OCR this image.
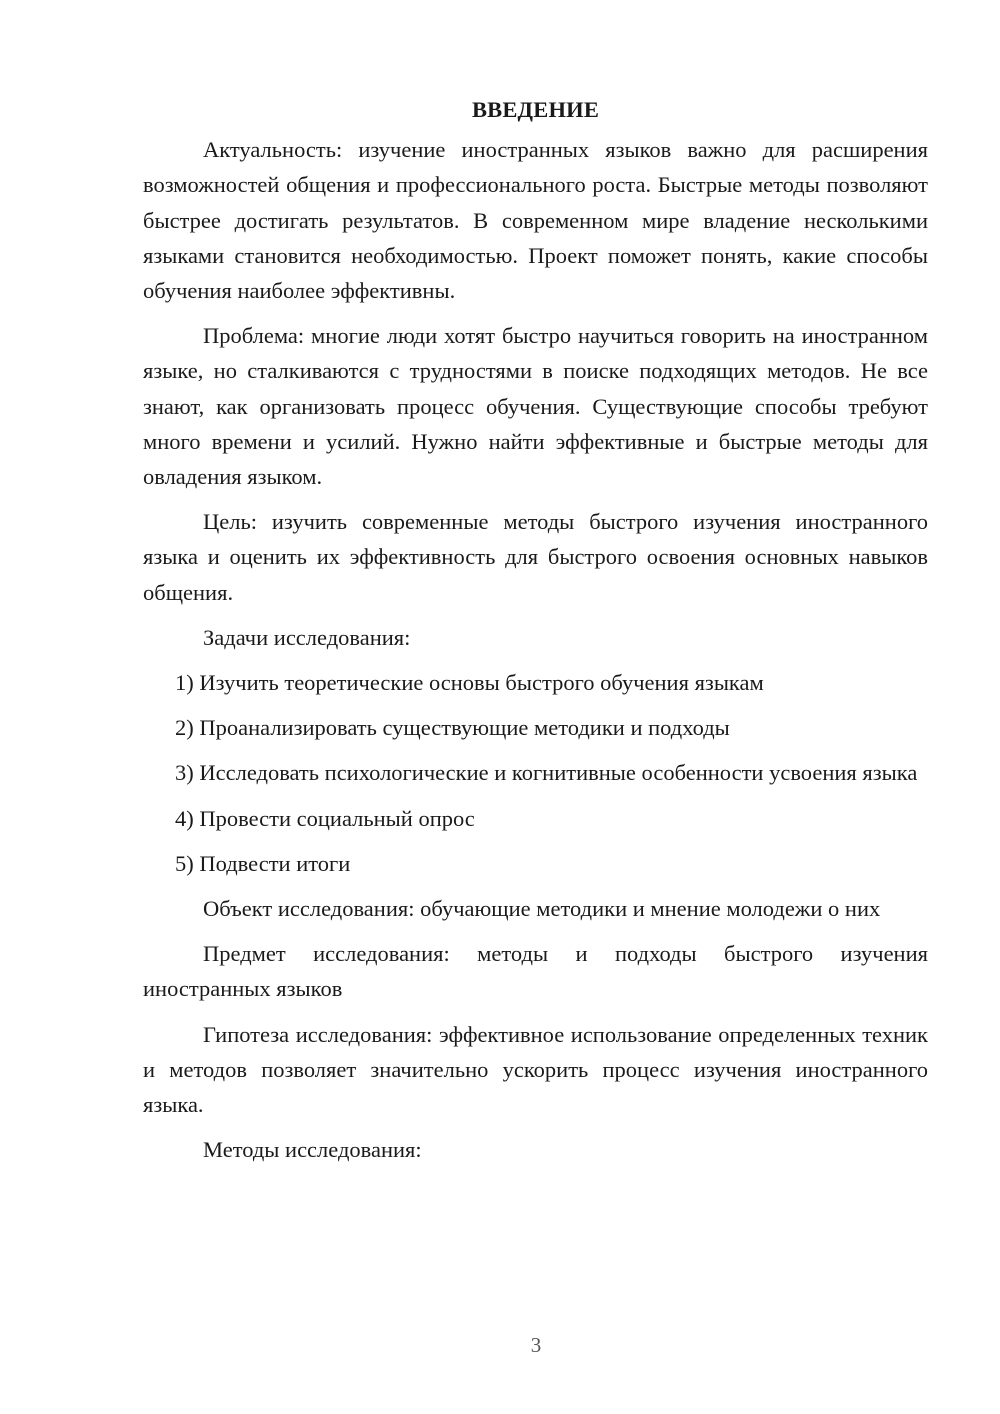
ВВЕДЕНИЕ

Актуальность: изучение иностранных языков важно для расширения возможностей общения и профессионального роста. Быстрые методы позволяют быстрее достигать результатов. В современном мире владение несколькими языками становится необходимостью. Проект поможет понять, какие способы обучения наиболее эффективны.

Проблема: многие люди хотят быстро научиться говорить на иностранном языке, но сталкиваются с трудностями в поиске подходящих методов. Не все знают, как организовать процесс обучения. Существующие способы требуют много времени и усилий. Нужно найти эффективные и быстрые методы для овладения языком.

Цель: изучить современные методы быстрого изучения иностранного языка и оценить их эффективность для быстрого освоения основных навыков общения.

Задачи исследования:

1) Изучить теоретические основы быстрого обучения языкам

2) Проанализировать существующие методики и подходы

3) Исследовать психологические и когнитивные особенности усвоения языка

4) Провести социальный опрос

5) Подвести итоги

Объект исследования: обучающие методики и мнение молодежи о них

Предмет исследования: методы и подходы быстрого изучения иностранных языков

Гипотеза исследования: эффективное использование определенных техник и методов позволяет значительно ускорить процесс изучения иностранного языка.

Методы исследования:

3
